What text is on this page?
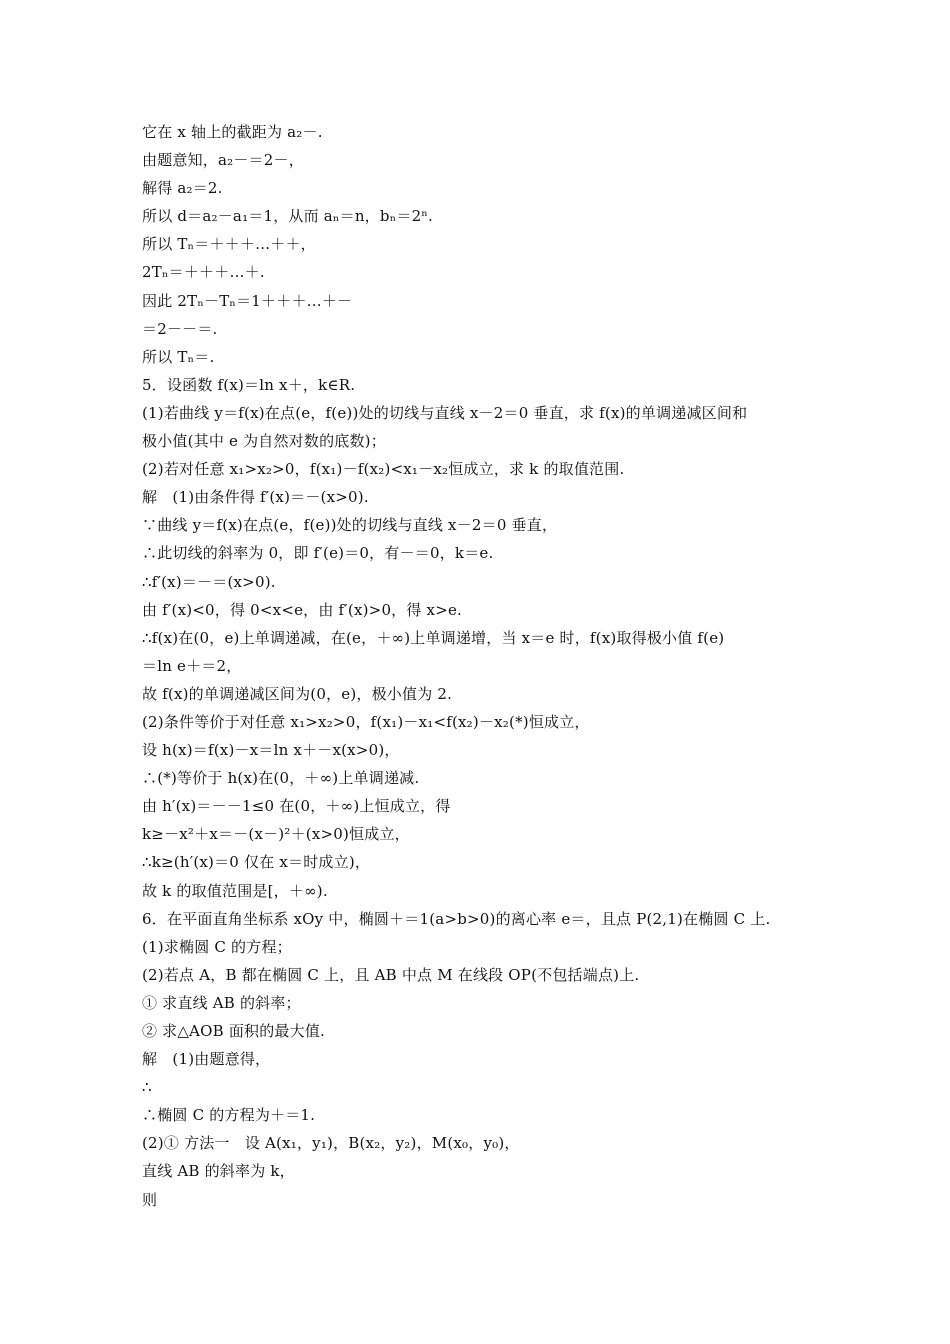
它在 x 轴上的截距为 a₂－.
由题意知，a₂－＝2－，
解得 a₂＝2.
所以 d＝a₂－a₁＝1，从而 aₙ＝n，bₙ＝2ⁿ.
所以 Tₙ＝＋＋＋…＋＋，
2Tₙ＝＋＋＋…＋.
因此 2Tₙ－Tₙ＝1＋＋＋…＋－
＝2－－＝.
所以 Tₙ＝.
5．设函数 f(x)＝ln x＋，k∈R.
(1)若曲线 y＝f(x)在点(e，f(e))处的切线与直线 x－2＝0 垂直，求 f(x)的单调递减区间和
极小值(其中 e 为自然对数的底数)；
(2)若对任意 x₁>x₂>0，f(x₁)－f(x₂)<x₁－x₂恒成立，求 k 的取值范围.
解　(1)由条件得 f′(x)＝－(x>0).
∵曲线 y＝f(x)在点(e，f(e))处的切线与直线 x－2＝0 垂直，
∴此切线的斜率为 0，即 f′(e)＝0，有－＝0，k＝e.
∴f′(x)＝－＝(x>0).
由 f′(x)<0，得 0<x<e，由 f′(x)>0，得 x>e.
∴f(x)在(0，e)上单调递减，在(e，＋∞)上单调递增，当 x＝e 时，f(x)取得极小值 f(e)
＝ln e＋＝2，
故 f(x)的单调递减区间为(0，e)，极小值为 2.
(2)条件等价于对任意 x₁>x₂>0，f(x₁)－x₁<f(x₂)－x₂(*)恒成立，
设 h(x)＝f(x)－x＝ln x＋－x(x>0)，
∴(*)等价于 h(x)在(0，＋∞)上单调递减.
由 h′(x)＝－－1≤0 在(0，＋∞)上恒成立，得
k≥－x²＋x＝－(x－)²＋(x>0)恒成立，
∴k≥(h′(x)＝0 仅在 x＝时成立)，
故 k 的取值范围是[，＋∞).
6．在平面直角坐标系 xOy 中，椭圆＋＝1(a>b>0)的离心率 e＝，且点 P(2,1)在椭圆 C 上.
(1)求椭圆 C 的方程；
(2)若点 A，B 都在椭圆 C 上，且 AB 中点 M 在线段 OP(不包括端点)上.
① 求直线 AB 的斜率；
② 求△AOB 面积的最大值.
解　(1)由题意得，
∴
∴椭圆 C 的方程为＋＝1.
(2)① 方法一　设 A(x₁，y₁)，B(x₂，y₂)，M(x₀，y₀)，
直线 AB 的斜率为 k，
则
